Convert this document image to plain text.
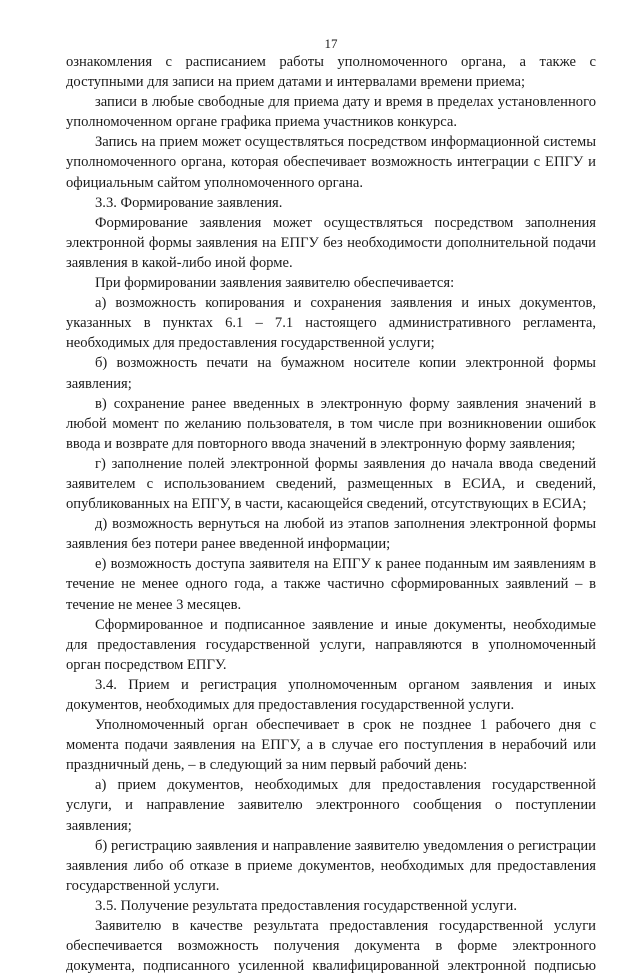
17

ознакомления с расписанием работы уполномоченного органа, а также с доступными для записи на прием датами и интервалами времени приема;

записи в любые свободные для приема дату и время в пределах установленного уполномоченном органе графика приема участников конкурса.

Запись на прием может осуществляться посредством информационной системы уполномоченного органа, которая обеспечивает возможность интеграции с ЕПГУ и официальным сайтом уполномоченного органа.

3.3. Формирование заявления.

Формирование заявления может осуществляться посредством заполнения электронной формы заявления на ЕПГУ без необходимости дополнительной подачи заявления в какой-либо иной форме.

При формировании заявления заявителю обеспечивается:

а) возможность копирования и сохранения заявления и иных документов, указанных в пунктах 6.1 – 7.1 настоящего административного регламента, необходимых для предоставления государственной услуги;

б) возможность печати на бумажном носителе копии электронной формы заявления;

в) сохранение ранее введенных в электронную форму заявления значений в любой момент по желанию пользователя, в том числе при возникновении ошибок ввода и возврате для повторного ввода значений в электронную форму заявления;

г) заполнение полей электронной формы заявления до начала ввода сведений заявителем с использованием сведений, размещенных в ЕСИА, и сведений, опубликованных на ЕПГУ, в части, касающейся сведений, отсутствующих в ЕСИА;

д) возможность вернуться на любой из этапов заполнения электронной формы заявления без потери ранее введенной информации;

е) возможность доступа заявителя на ЕПГУ к ранее поданным им заявлениям в течение не менее одного года, а также частично сформированных заявлений – в течение не менее 3 месяцев.

Сформированное и подписанное заявление и иные документы, необходимые для предоставления государственной услуги, направляются в уполномоченный орган посредством ЕПГУ.

3.4. Прием и регистрация уполномоченным органом заявления и иных документов, необходимых для предоставления государственной услуги.

Уполномоченный орган обеспечивает в срок не позднее 1 рабочего дня с момента подачи заявления на ЕПГУ, а в случае его поступления в нерабочий или праздничный день, – в следующий за ним первый рабочий день:

а) прием документов, необходимых для предоставления государственной услуги, и направление заявителю электронного сообщения о поступлении заявления;

б) регистрацию заявления и направление заявителю уведомления о регистрации заявления либо об отказе в приеме документов, необходимых для предоставления государственной услуги.

3.5. Получение результата предоставления государственной услуги.

Заявителю в качестве результата предоставления государственной услуги обеспечивается возможность получения документа в форме электронного документа, подписанного усиленной квалифицированной электронной подписью
